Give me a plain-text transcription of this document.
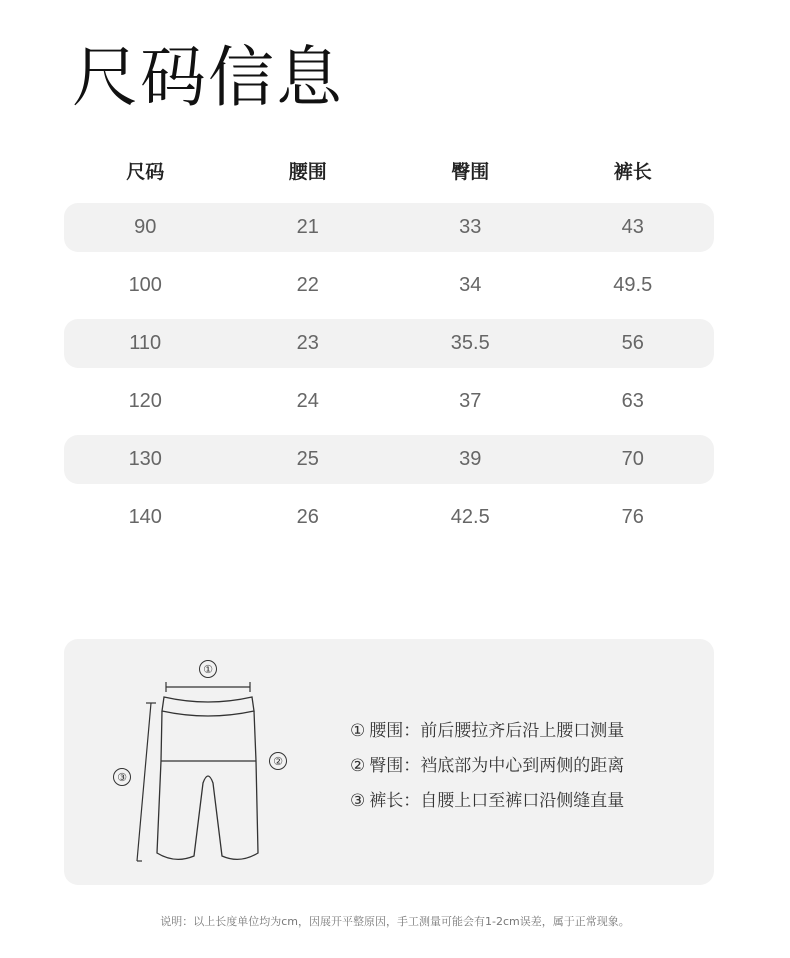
尺码信息
尺码	腰围	臀围	裤长
90	21	33	43
100	22	34	49.5
110	23	35.5	56
120	24	37	63
130	25	39	70
140	26	42.5	76
①
②
③
① 腰围：前后腰拉齐后沿上腰口测量
② 臀围：裆底部为中心到两侧的距离
③ 裤长：自腰上口至裤口沿侧缝直量
说明：以上长度单位均为cm，因展开平整原因，手工测量可能会有1-2cm误差，属于正常现象。
